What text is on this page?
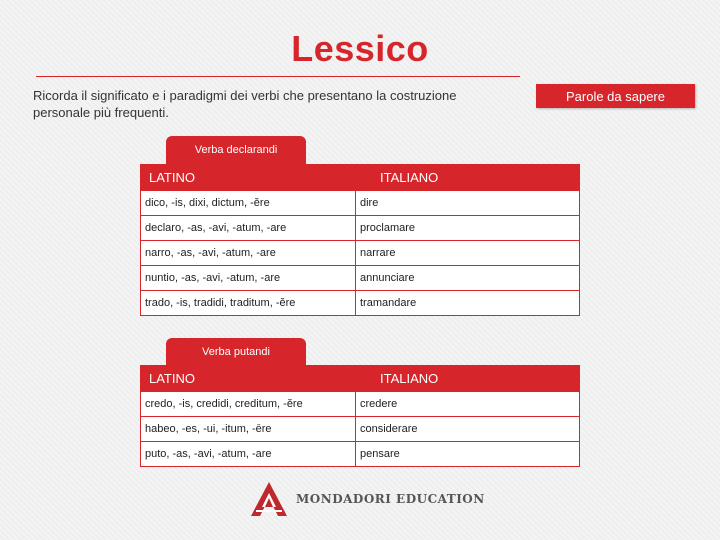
Lessico
Ricorda il significato e i paradigmi dei verbi che presentano la costruzione personale più frequenti.
Parole da sapere
Verba declarandi
LATINO	ITALIANO
dico, -is, dixi, dictum, -ĕre	dire
declaro, -as, -avi, -atum, -are	proclamare
narro, -as, -avi, -atum, -are	narrare
nuntio, -as, -avi, -atum, -are	annunciare
trado, -is, tradidi, traditum, -ĕre	tramandare
Verba putandi
LATINO	ITALIANO
credo, -is, credidi, creditum, -ĕre	credere
habeo, -es, -ui, -itum, -ēre	considerare
puto, -as, -avi, -atum, -are	pensare
MONDADORI EDUCATION
